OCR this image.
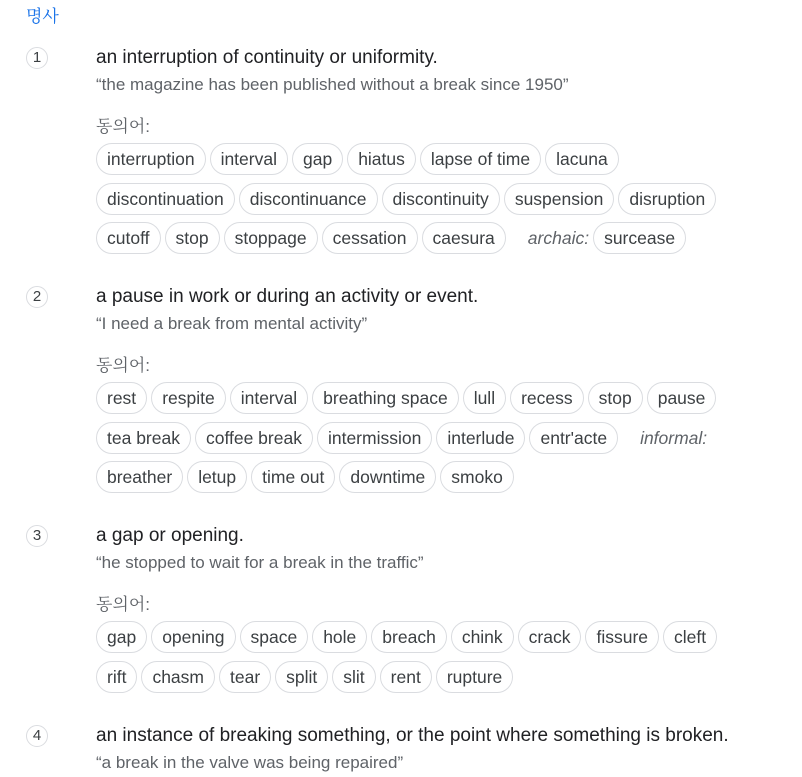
명사
1	an interruption of continuity or uniformity.
“the magazine has been published without a break since 1950”
동의어:
interruption	interval	gap	hiatus	lapse of time	lacuna
discontinuation	discontinuance	discontinuity	suspension	disruption
cutoff	stop	stoppage	cessation	caesura	archaic: surcease
2	a pause in work or during an activity or event.
“I need a break from mental activity”
동의어:
rest	respite	interval	breathing space	lull	recess	stop	pause
tea break	coffee break	intermission	interlude	entr'acte	informal:
breather	letup	time out	downtime	smoko
3	a gap or opening.
“he stopped to wait for a break in the traffic”
동의어:
gap	opening	space	hole	breach	chink	crack	fissure	cleft
rift	chasm	tear	split	slit	rent	rupture
4	an instance of breaking something, or the point where something is broken.
“a break in the valve was being repaired”
